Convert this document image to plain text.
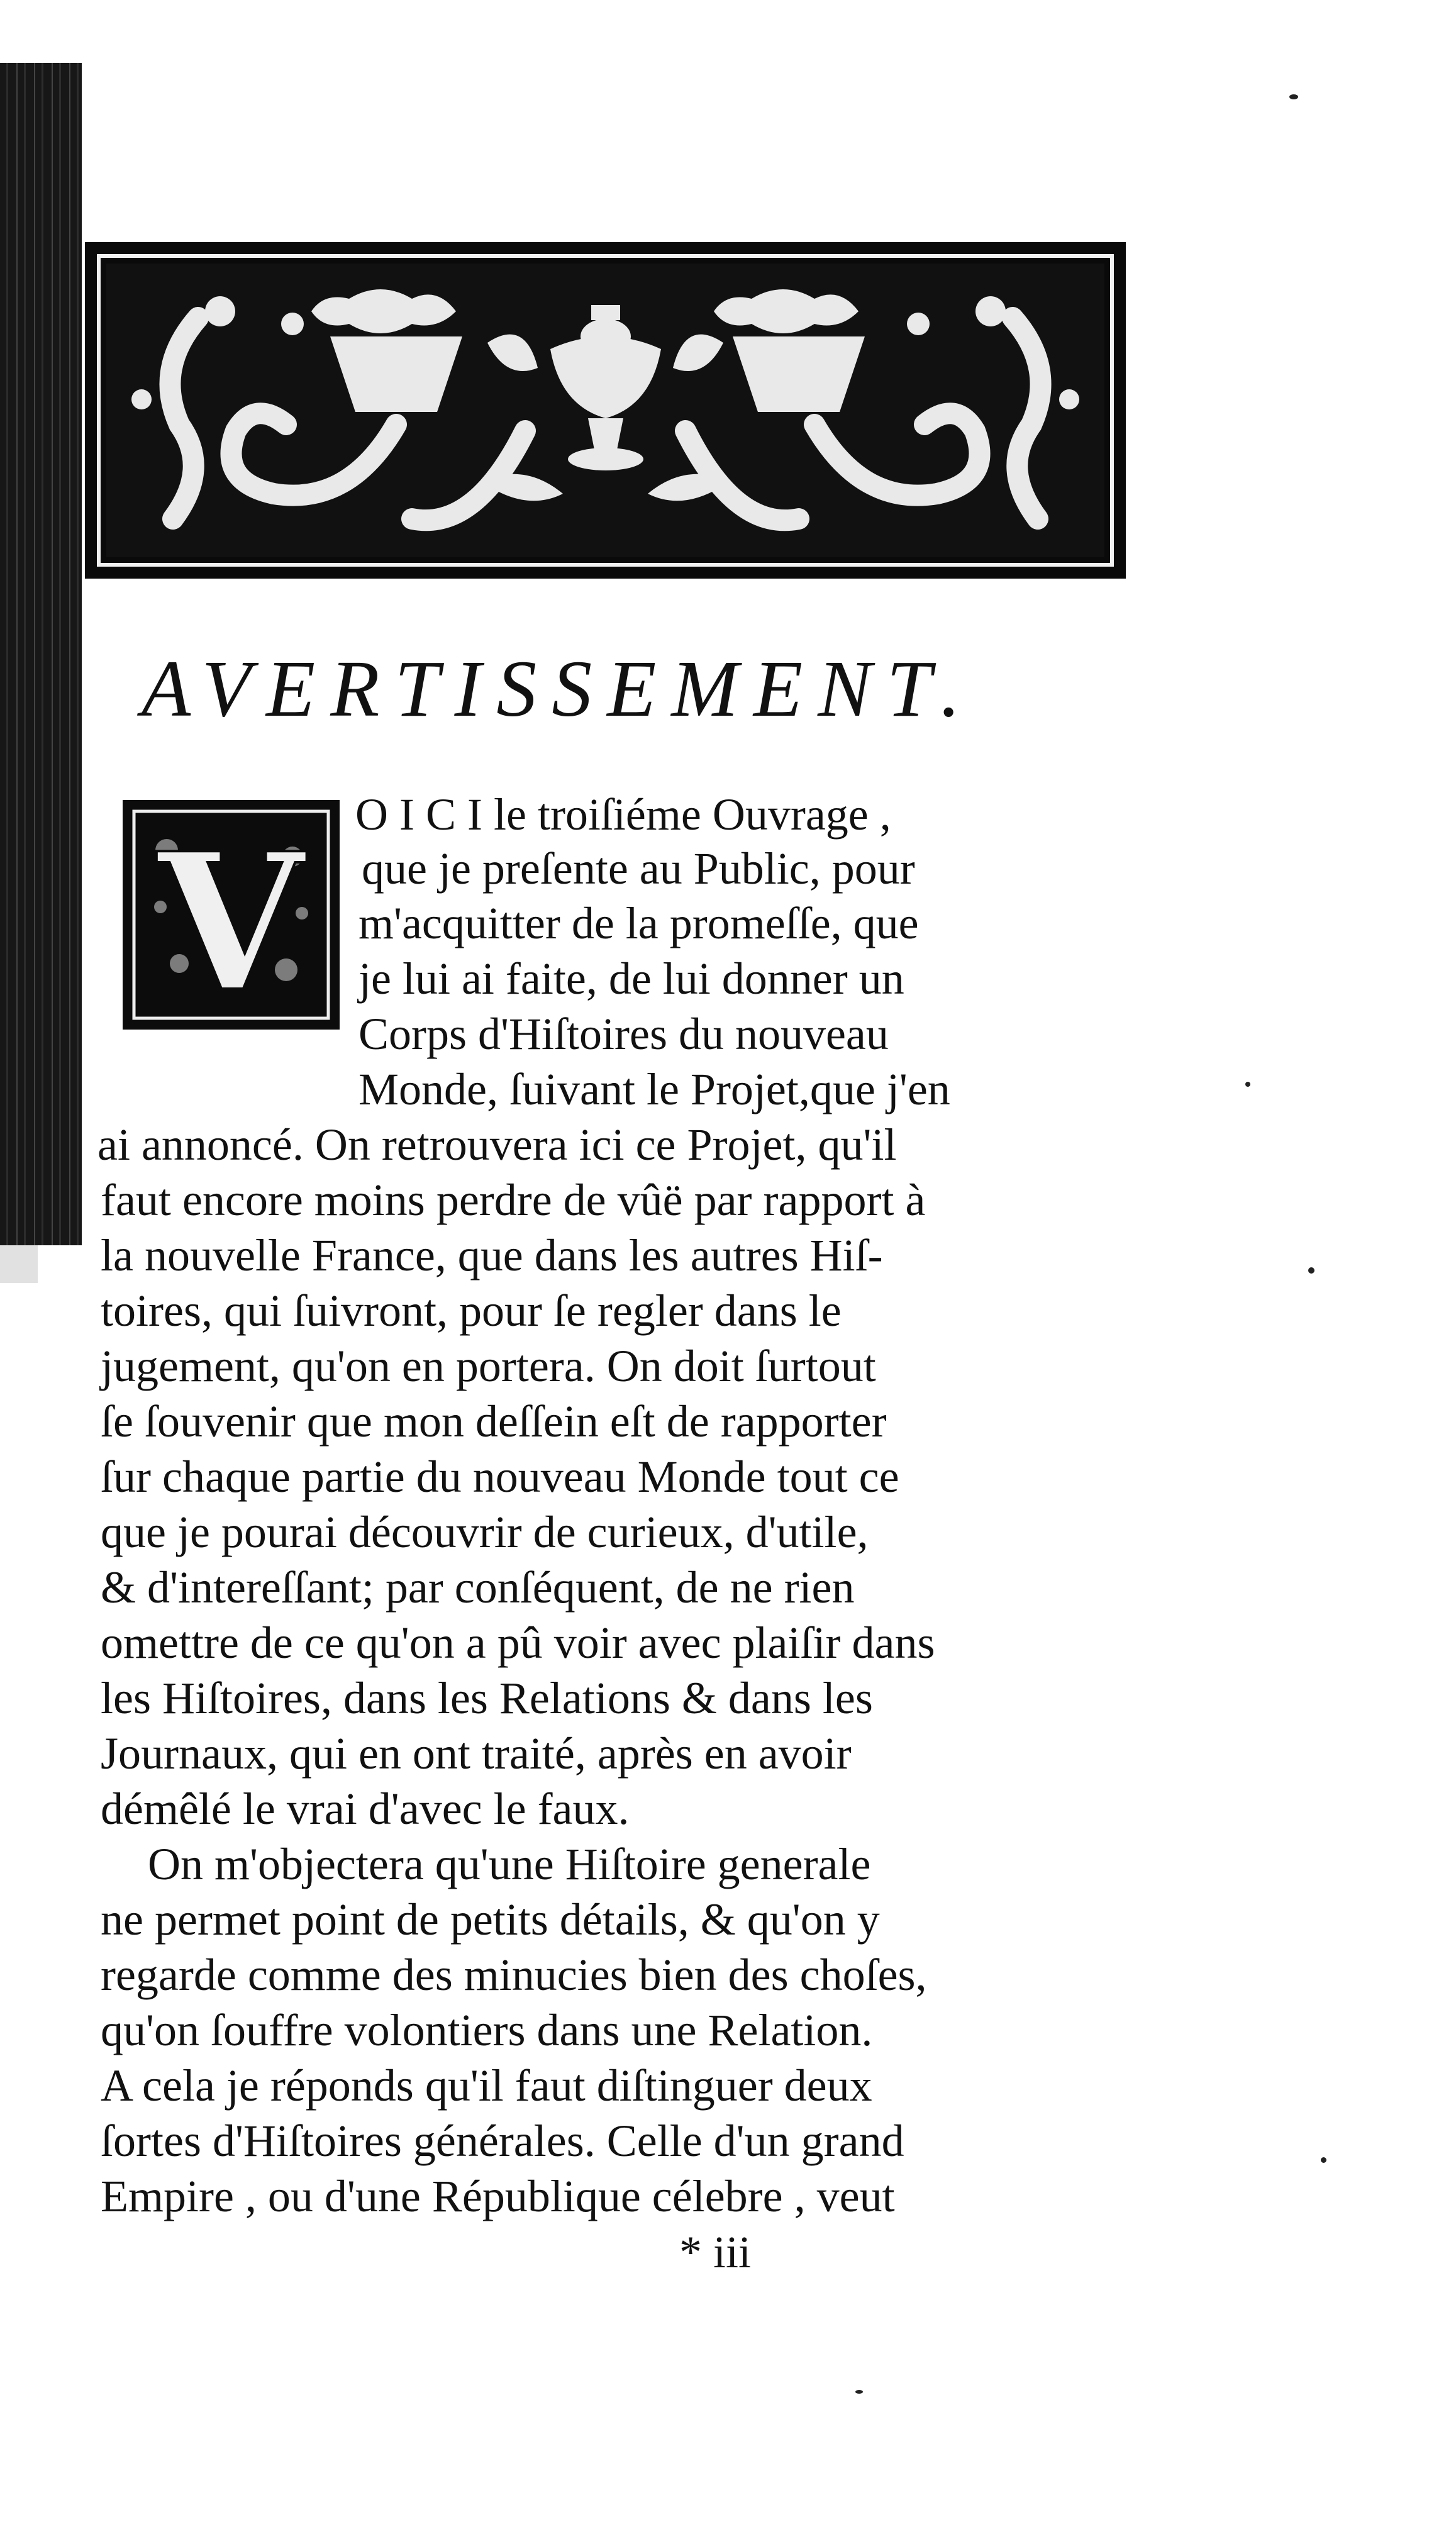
AVERTISSEMENT.
V O I C I le troiſiéme Ouvrage ,

que je preſente au Public, pour

m'acquitter de la promeſſe, que

je lui ai faite, de lui donner un

Corps d'Hiſtoires du nouveau

Monde, ſuivant le Projet,que j'en

ai annoncé. On retrouvera ici ce Projet, qu'il

faut encore moins perdre de vûë par rapport à

la nouvelle France, que dans les autres Hiſ-

toires, qui ſuivront, pour ſe regler dans le

jugement, qu'on en portera. On doit ſurtout

ſe ſouvenir que mon deſſein eſt de rapporter

ſur chaque partie du nouveau Monde tout ce

que je pourai découvrir de curieux, d'utile,

& d'intereſſant; par conſéquent, de ne rien

omettre de ce qu'on a pû voir avec plaiſir dans

les Hiſtoires, dans les Relations & dans les

Journaux, qui en ont traité, après en avoir

démêlé le vrai d'avec le faux.

On m'objectera qu'une Hiſtoire generale

ne permet point de petits détails, & qu'on y

regarde comme des minucies bien des choſes,

qu'on ſouffre volontiers dans une Relation.

A cela je réponds qu'il faut diſtinguer deux

ſortes d'Hiſtoires générales. Celle d'un grand

Empire , ou d'une République célebre , veut

* iii
